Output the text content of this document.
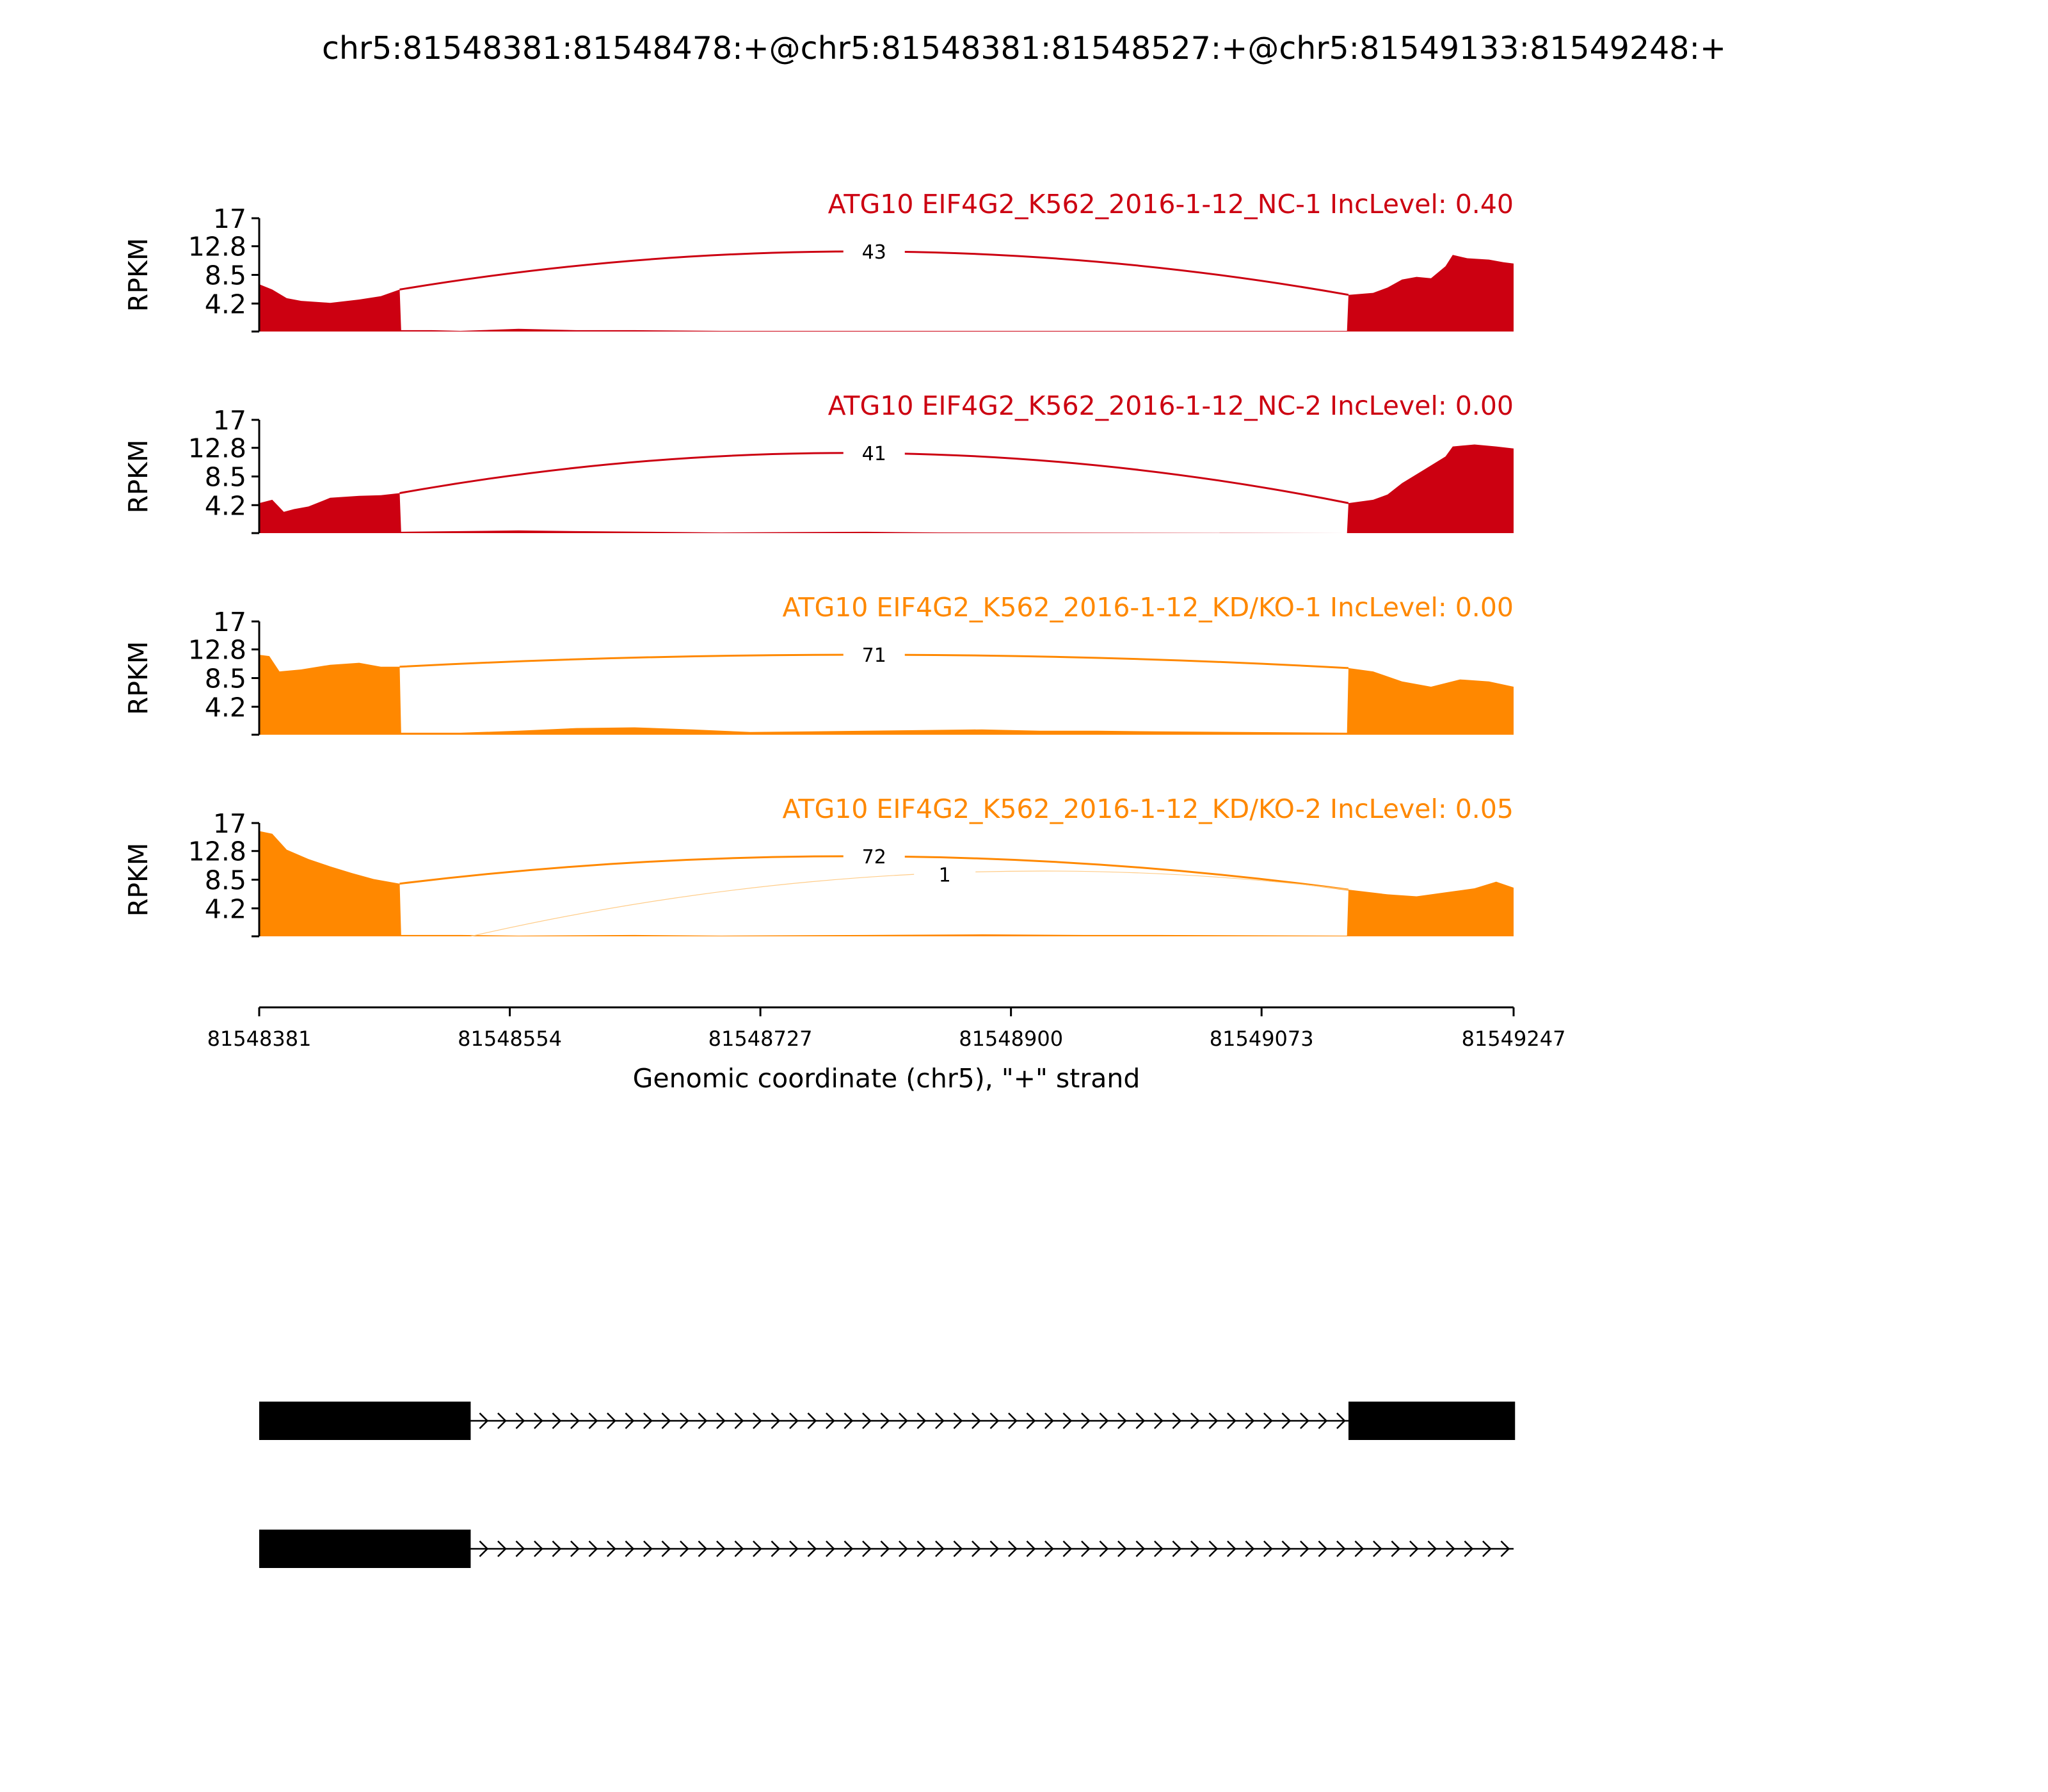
chr5:81548381:81548478:+@chr5:81548381:81548527:+@chr5:81549133:81549248:+
17
12.8
8.5
4.2
RPKM
ATG10 EIF4G2_K562_2016-1-12_NC-1 IncLevel: 0.40
43
17
12.8
8.5
4.2
RPKM
ATG10 EIF4G2_K562_2016-1-12_NC-2 IncLevel: 0.00
41
17
12.8
8.5
4.2
RPKM
ATG10 EIF4G2_K562_2016-1-12_KD/KO-1 IncLevel: 0.00
71
17
12.8
8.5
4.2
RPKM
ATG10 EIF4G2_K562_2016-1-12_KD/KO-2 IncLevel: 0.05
72
1
81548381	81548554	81548727	81548900	81549073	81549247
Genomic coordinate (chr5), "+" strand
